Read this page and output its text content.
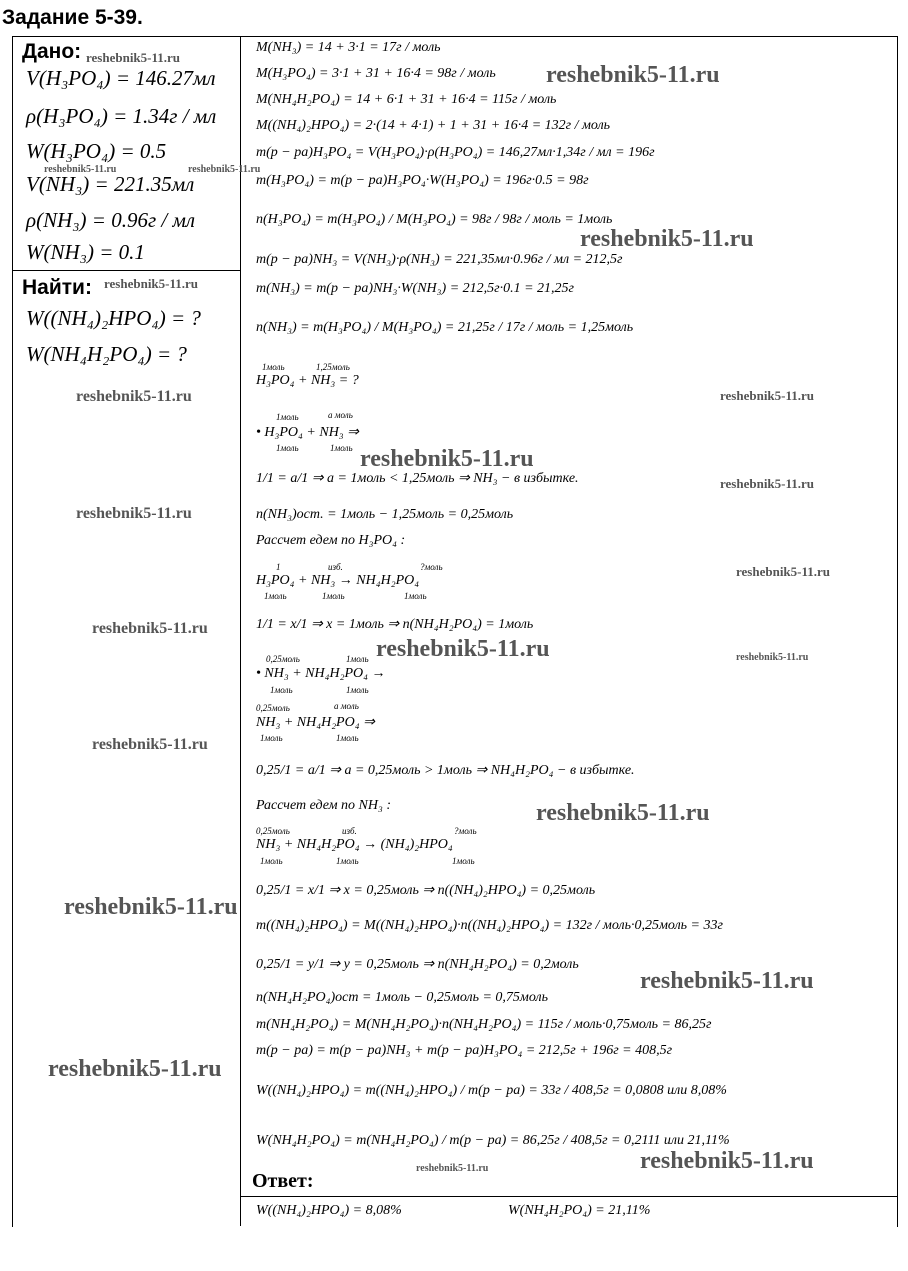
Задание 5-39.
Дано:
V(H₃PO₄) = 146.27мл
ρ(H₃PO₄) = 1.34г / мл
W(H₃PO₄) = 0.5
V(NH₃) = 221.35мл
ρ(NH₃) = 0.96г / мл
W(NH₃) = 0.1
Найти:
W((NH₄)₂HPO₄) = ?
W(NH₄H₂PO₄) = ?
M(NH₃) = 14 + 3·1 = 17г / моль
M(H₃PO₄) = 3·1 + 31 + 16·4 = 98г / моль
M(NH₄H₂PO₄) = 14 + 6·1 + 31 + 16·4 = 115г / моль
M((NH₄)₂HPO₄) = 2·(14 + 4·1) + 1 + 31 + 16·4 = 132г / моль
m(р − ра)H₃PO₄ = V(H₃PO₄)·ρ(H₃PO₄) = 146,27мл·1,34г / мл = 196г
m(H₃PO₄) = m(р − ра)H₃PO₄·W(H₃PO₄) = 196г·0.5 = 98г
n(H₃PO₄) = m(H₃PO₄) / M(H₃PO₄) = 98г / 98г / моль = 1моль
m(р − ра)NH₃ = V(NH₃)·ρ(NH₃) = 221,35мл·0.96г / мл = 212,5г
m(NH₃) = m(р − ра)NH₃·W(NH₃) = 212,5г·0.1 = 21,25г
n(NH₃) = m(H₃PO₄) / M(H₃PO₄) = 21,25г / 17г / моль = 1,25моль
1моль	1,25моль
H₃PO₄ + NH₃ = ?
1моль	a моль
• H₃PO₄ + NH₃ ⇒
1моль	1моль
1/1 = a/1 ⇒ a = 1моль < 1,25моль ⇒ NH₃ − в избытке.
n(NH₃)ост. = 1моль − 1,25моль = 0,25моль
Рассчет едем по H₃PO₄ :
1	изб.	?моль
H₃PO₄ + NH₃ → NH₄H₂PO₄
1моль	1моль	1моль
1/1 = x/1 ⇒ x = 1моль ⇒ n(NH₄H₂PO₄) = 1моль
0,25моль	1моль
• NH₃ + NH₄H₂PO₄ →
1моль	1моль
0,25моль	a моль
NH₃ + NH₄H₂PO₄ ⇒
1моль	1моль
0,25/1 = a/1 ⇒ a = 0,25моль > 1моль ⇒ NH₄H₂PO₄ − в избытке.
Рассчет едем по NH₃ :
0,25моль	изб.	?моль
NH₃ + NH₄H₂PO₄ → (NH₄)₂HPO₄
1моль	1моль	1моль
0,25/1 = x/1 ⇒ x = 0,25моль ⇒ n((NH₄)₂HPO₄) = 0,25моль
m((NH₄)₂HPO₄) = M((NH₄)₂HPO₄)·n((NH₄)₂HPO₄) = 132г / моль·0,25моль = 33г
0,25/1 = y/1 ⇒ y = 0,25моль ⇒ n(NH₄H₂PO₄) = 0,2моль
n(NH₄H₂PO₄)ост = 1моль − 0,25моль = 0,75моль
m(NH₄H₂PO₄) = M(NH₄H₂PO₄)·n(NH₄H₂PO₄) = 115г / моль·0,75моль = 86,25г
m(р − ра) = m(р − ра)NH₃ + m(р − ра)H₃PO₄ = 212,5г + 196г = 408,5г
W((NH₄)₂HPO₄) = m((NH₄)₂HPO₄) / m(р − ра) = 33г / 408,5г = 0,0808 или 8,08%
W(NH₄H₂PO₄) = m(NH₄H₂PO₄) / m(р − ра) = 86,25г / 408,5г = 0,2111 или 21,11%
Ответ:
W((NH₄)₂HPO₄) = 8,08%	W(NH₄H₂PO₄) = 21,11%
reshebnik5-11.ru
reshebnik5-11.ru
reshebnik5-11.ru	reshebnik5-11.ru
reshebnik5-11.ru
reshebnik5-11.ru
reshebnik5-11.ru	reshebnik5-11.ru
reshebnik5-11.ru
reshebnik5-11.ru
reshebnik5-11.ru
reshebnik5-11.ru
reshebnik5-11.ru
reshebnik5-11.ru	reshebnik5-11.ru
reshebnik5-11.ru
reshebnik5-11.ru
reshebnik5-11.ru
reshebnik5-11.ru
reshebnik5-11.ru
reshebnik5-11.ru
reshebnik5-11.ru
